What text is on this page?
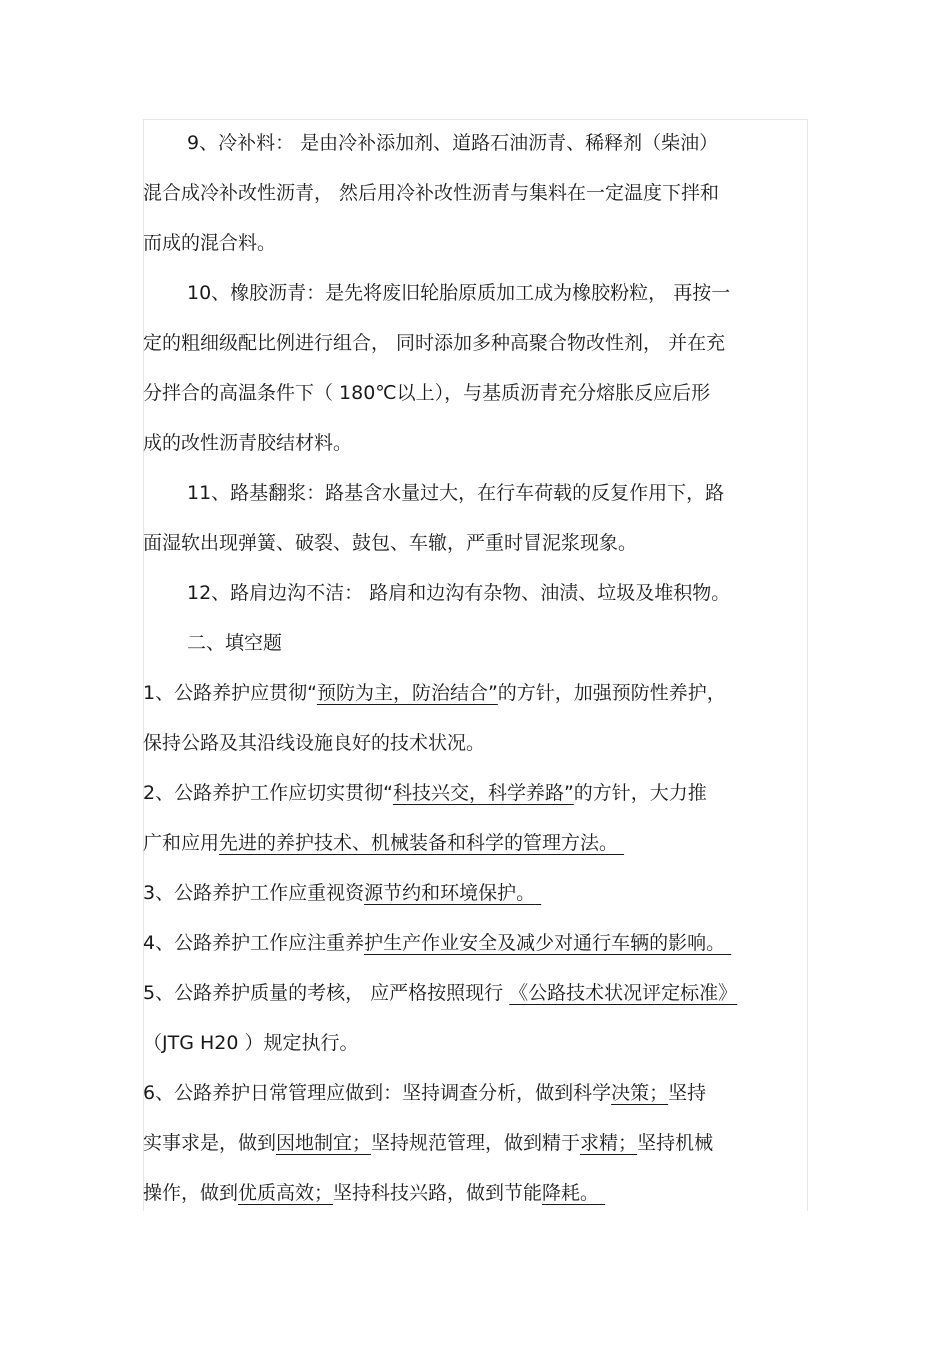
9、冷补料： 是由冷补添加剂、道路石油沥青、稀释剂（柴油）

混合成冷补改性沥青， 然后用冷补改性沥青与集料在一定温度下拌和

而成的混合料。

10、橡胶沥青：是先将废旧轮胎原质加工成为橡胶粉粒， 再按一

定的粗细级配比例进行组合， 同时添加多种高聚合物改性剂， 并在充

分拌合的高温条件下（ 180℃以上），与基质沥青充分熔胀反应后形

成的改性沥青胶结材料。

11、路基翻浆：路基含水量过大，在行车荷载的反复作用下，路

面湿软出现弹簧、破裂、鼓包、车辙，严重时冒泥浆现象。

12、路肩边沟不洁： 路肩和边沟有杂物、油渍、垃圾及堆积物。

二、填空题

1、公路养护应贯彻“预防为主，防治结合”的方针，加强预防性养护，

保持公路及其沿线设施良好的技术状况。

2、公路养护工作应切实贯彻“科技兴交，科学养路”的方针，大力推

广和应用先进的养护技术、机械装备和科学的管理方法。

3、公路养护工作应重视资源节约和环境保护。

4、公路养护工作应注重养护生产作业安全及减少对通行车辆的影响。

5、公路养护质量的考核， 应严格按照现行 《公路技术状况评定标准》

（JTG H20 ）规定执行。

6、公路养护日常管理应做到：坚持调查分析，做到科学决策；坚持

实事求是，做到因地制宜；坚持规范管理，做到精于求精；坚持机械

操作，做到优质高效；坚持科技兴路，做到节能降耗。
